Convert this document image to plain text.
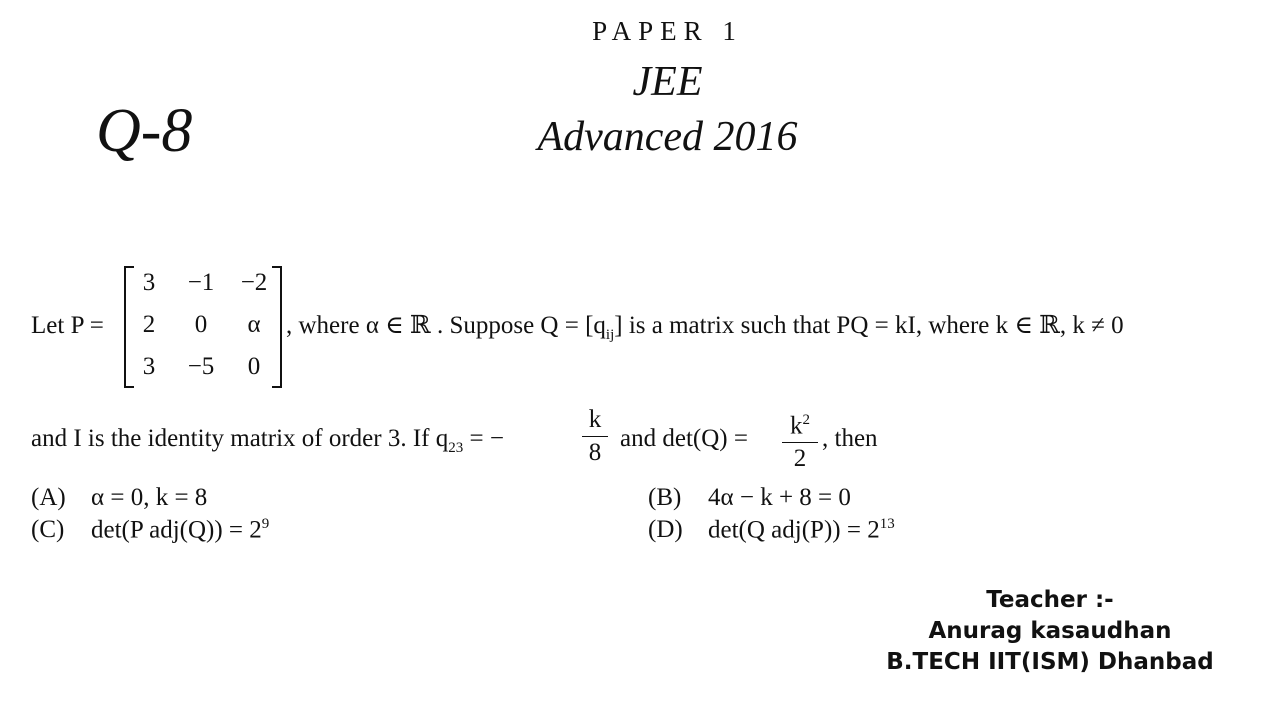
PAPER 1
JEE
Advanced 2016
Q-8
Let P =
3	−1 −2
2	0	α
3	−5	0
, where α ∈ ℝ . Suppose $Q = [q_{ij}]$ is a matrix such that PQ = kI, where k ∈ ℝ, k ≠ 0
and I is the identity matrix of order 3. If $q_{23}$ = −
k
8
and det(Q) =	$k^2$
2
, then
(A) α = 0, k = 8	(B) 4α − k + 8 = 0
(C) det(P $adj(Q)) = 2^9$	(D) det(Q $adj(P)) = 2^{13}$
Teacher :-
Anurag kasaudhan
B.TECH IIT(ISM) Dhanbad
